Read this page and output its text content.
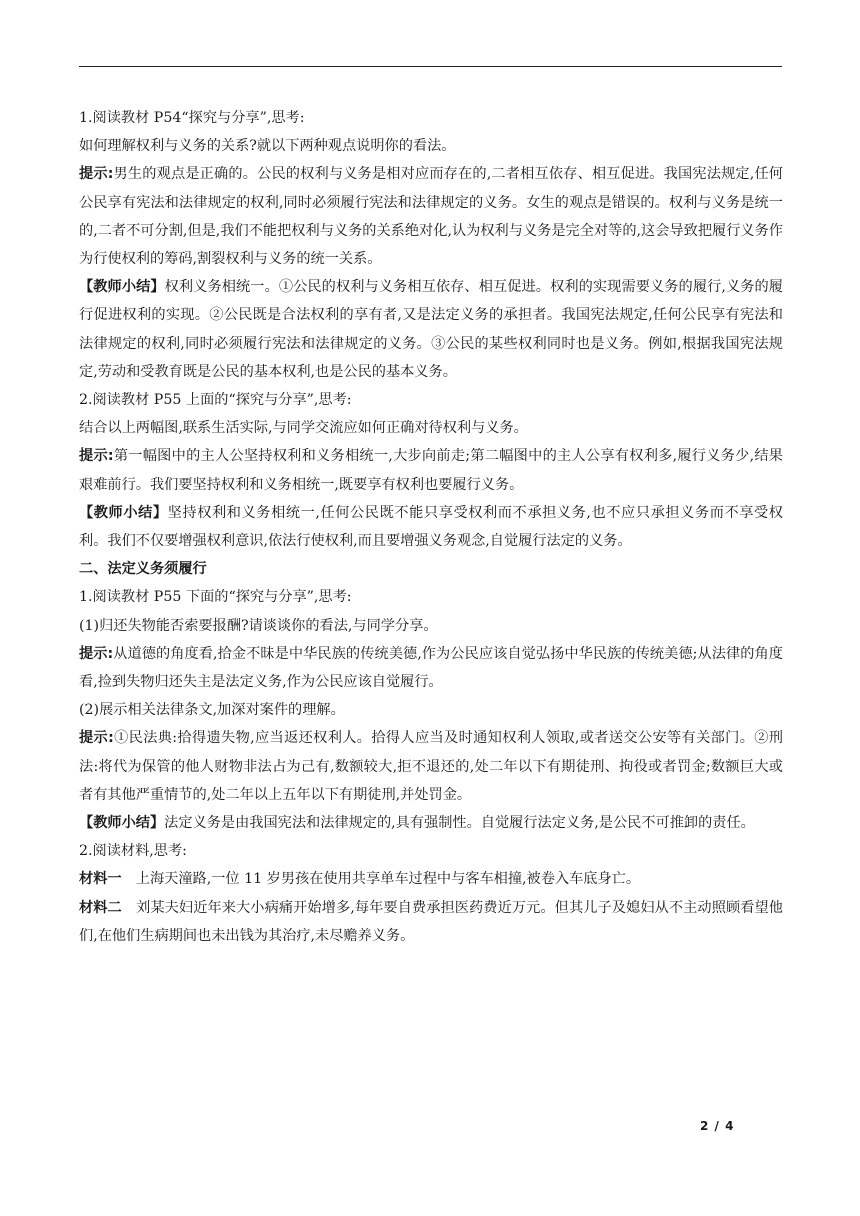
1.阅读教材 P54“探究与分享”,思考:

如何理解权利与义务的关系?就以下两种观点说明你的看法。

提示:男生的观点是正确的。公民的权利与义务是相对应而存在的,二者相互依存、相互促进。我国宪法规定,任何公民享有宪法和法律规定的权利,同时必须履行宪法和法律规定的义务。女生的观点是错误的。权利与义务是统一的,二者不可分割,但是,我们不能把权利与义务的关系绝对化,认为权利与义务是完全对等的,这会导致把履行义务作为行使权利的筹码,割裂权利与义务的统一关系。

【教师小结】权利义务相统一。①公民的权利与义务相互依存、相互促进。权利的实现需要义务的履行,义务的履行促进权利的实现。②公民既是合法权利的享有者,又是法定义务的承担者。我国宪法规定,任何公民享有宪法和法律规定的权利,同时必须履行宪法和法律规定的义务。③公民的某些权利同时也是义务。例如,根据我国宪法规定,劳动和受教育既是公民的基本权利,也是公民的基本义务。

2.阅读教材 P55 上面的“探究与分享”,思考:

结合以上两幅图,联系生活实际,与同学交流应如何正确对待权利与义务。

提示:第一幅图中的主人公坚持权利和义务相统一,大步向前走;第二幅图中的主人公享有权利多,履行义务少,结果艰难前行。我们要坚持权利和义务相统一,既要享有权利也要履行义务。

【教师小结】坚持权利和义务相统一,任何公民既不能只享受权利而不承担义务,也不应只承担义务而不享受权利。我们不仅要增强权利意识,依法行使权利,而且要增强义务观念,自觉履行法定的义务。

二、法定义务须履行

1.阅读教材 P55 下面的“探究与分享”,思考:

(1)归还失物能否索要报酬?请谈谈你的看法,与同学分享。

提示:从道德的角度看,拾金不昧是中华民族的传统美德,作为公民应该自觉弘扬中华民族的传统美德;从法律的角度看,捡到失物归还失主是法定义务,作为公民应该自觉履行。

(2)展示相关法律条文,加深对案件的理解。

提示:①民法典:拾得遗失物,应当返还权利人。拾得人应当及时通知权利人领取,或者送交公安等有关部门。②刑法:将代为保管的他人财物非法占为己有,数额较大,拒不退还的,处二年以下有期徒刑、拘役或者罚金;数额巨大或者有其他严重情节的,处二年以上五年以下有期徒刑,并处罚金。

【教师小结】法定义务是由我国宪法和法律规定的,具有强制性。自觉履行法定义务,是公民不可推卸的责任。

2.阅读材料,思考:

材料一　上海天潼路,一位 11 岁男孩在使用共享单车过程中与客车相撞,被卷入车底身亡。

材料二　刘某夫妇近年来大小病痛开始增多,每年要自费承担医药费近万元。但其儿子及媳妇从不主动照顾看望他们,在他们生病期间也未出钱为其治疗,未尽赡养义务。

2 / 4
